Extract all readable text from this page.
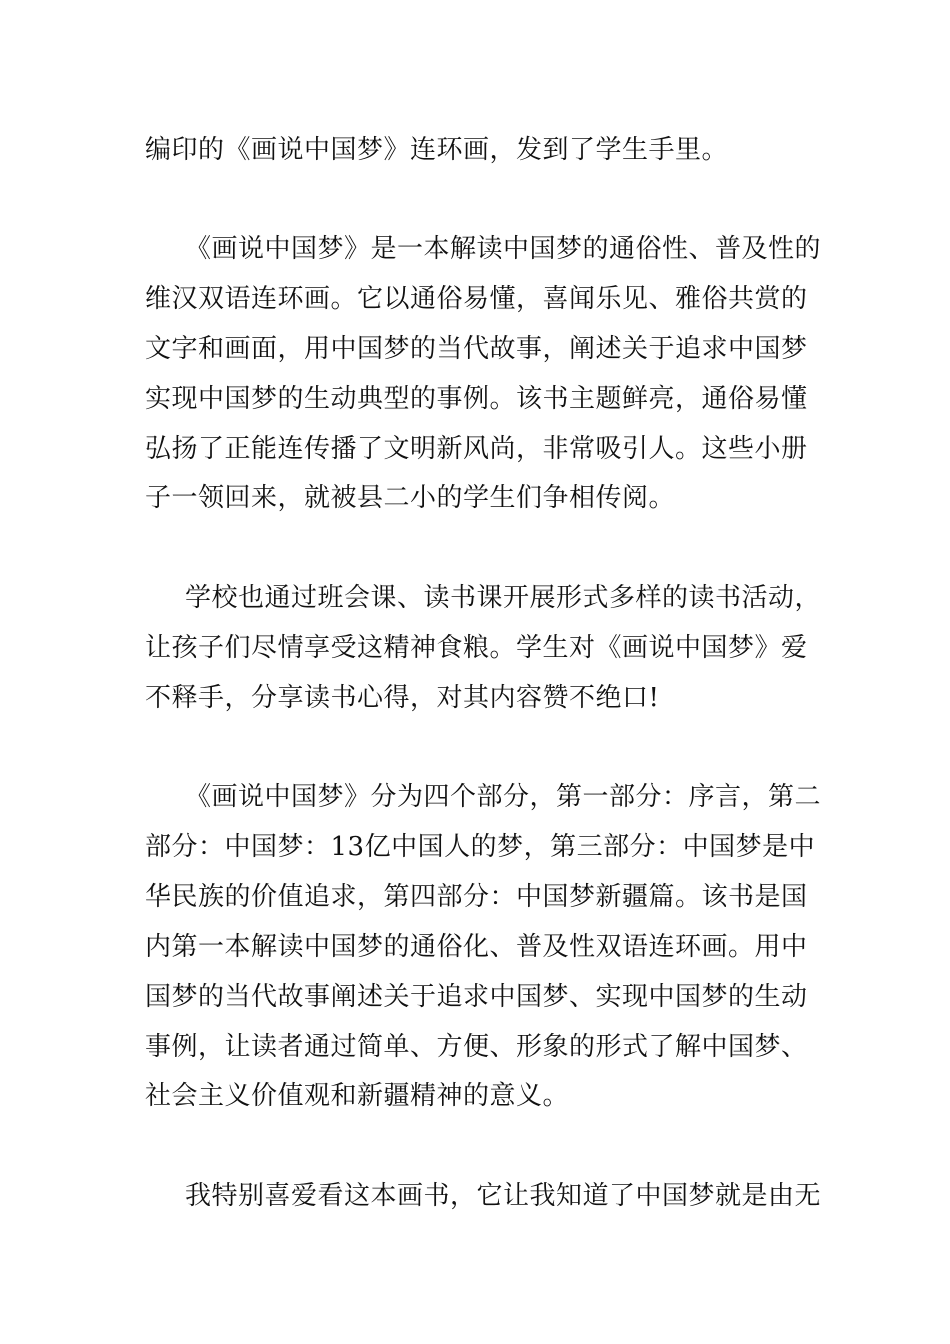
编印的《画说中国梦》连环画，发到了学生手里。
《画说中国梦》是一本解读中国梦的通俗性、普及性的
维汉双语连环画。它以通俗易懂，喜闻乐见、雅俗共赏的
文字和画面，用中国梦的当代故事，阐述关于追求中国梦
实现中国梦的生动典型的事例。该书主题鲜亮，通俗易懂
弘扬了正能连传播了文明新风尚，非常吸引人。这些小册
子一领回来，就被县二小的学生们争相传阅。
学校也通过班会课、读书课开展形式多样的读书活动，
让孩子们尽情享受这精神食粮。学生对《画说中国梦》爱
不释手，分享读书心得，对其内容赞不绝口!
《画说中国梦》分为四个部分，第一部分：序言，第二
部分：中国梦：13亿中国人的梦，第三部分：中国梦是中
华民族的价值追求，第四部分：中国梦新疆篇。该书是国
内第一本解读中国梦的通俗化、普及性双语连环画。用中
国梦的当代故事阐述关于追求中国梦、实现中国梦的生动
事例，让读者通过简单、方便、形象的形式了解中国梦、
社会主义价值观和新疆精神的意义。
我特别喜爱看这本画书，它让我知道了中国梦就是由无
